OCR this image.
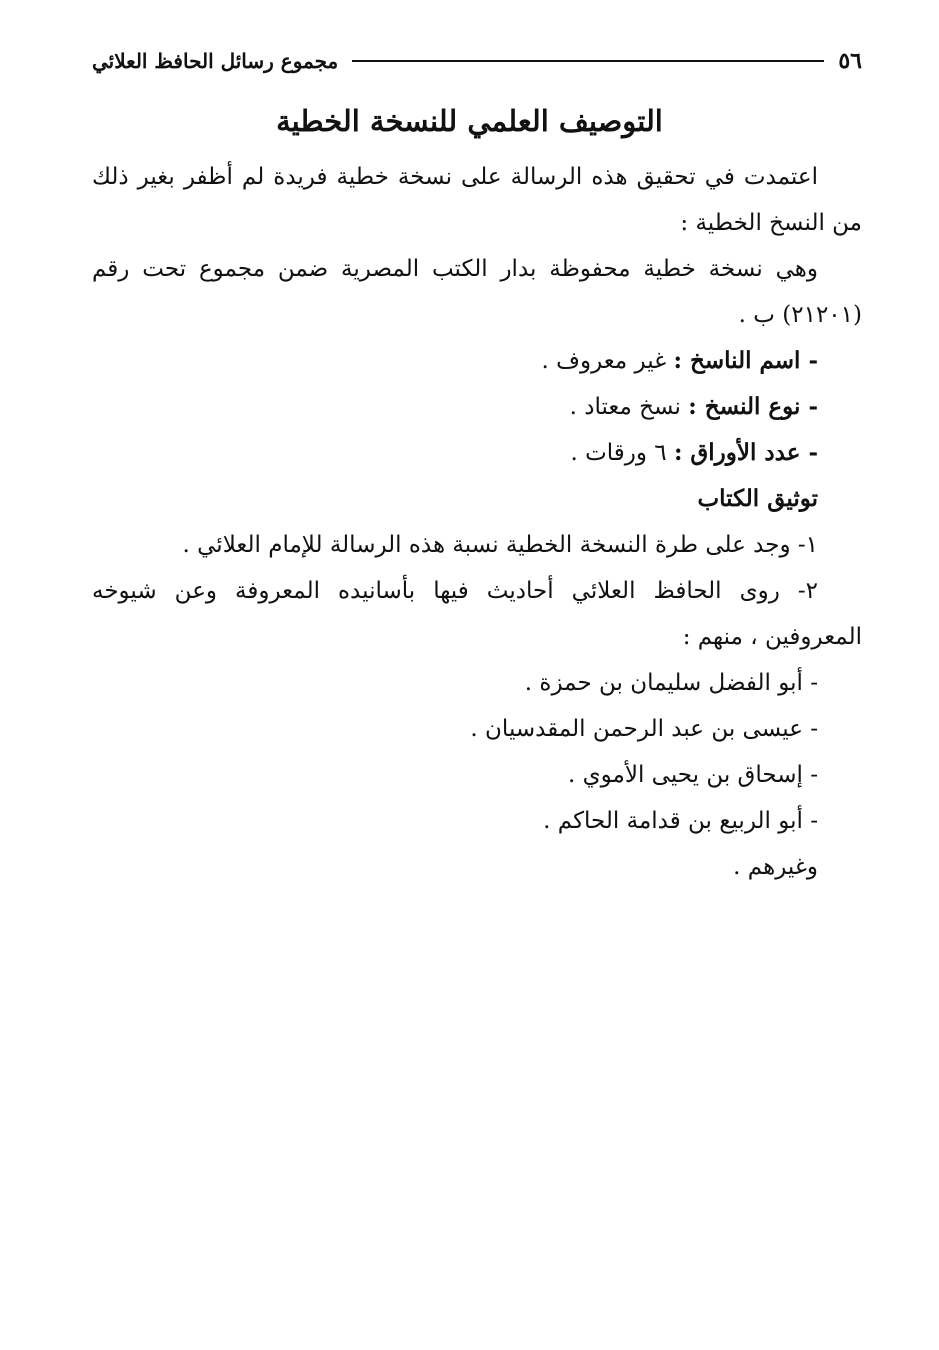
٥٦
مجموع رسائل الحافظ العلائي
التوصيف العلمي للنسخة الخطية

اعتمدت في تحقيق هذه الرسالة على نسخة خطية فريدة لم أظفر بغير ذلك من النسخ الخطية :

وهي نسخة خطية محفوظة بدار الكتب المصرية ضمن مجموع تحت رقم (٢١٢٠١) ب .

- اسم الناسخ : غير معروف .

- نوع النسخ : نسخ معتاد .

- عدد الأوراق : ٦ ورقات .

توثيق الكتاب

١- وجد على طرة النسخة الخطية نسبة هذه الرسالة للإمام العلائي .

٢- روى الحافظ العلائي أحاديث فيها بأسانيده المعروفة وعن شيوخه المعروفين ، منهم :

- أبو الفضل سليمان بن حمزة .

- عيسى بن عبد الرحمن المقدسيان .

- إسحاق بن يحيى الأموي .

- أبو الربيع بن قدامة الحاكم .

وغيرهم .
